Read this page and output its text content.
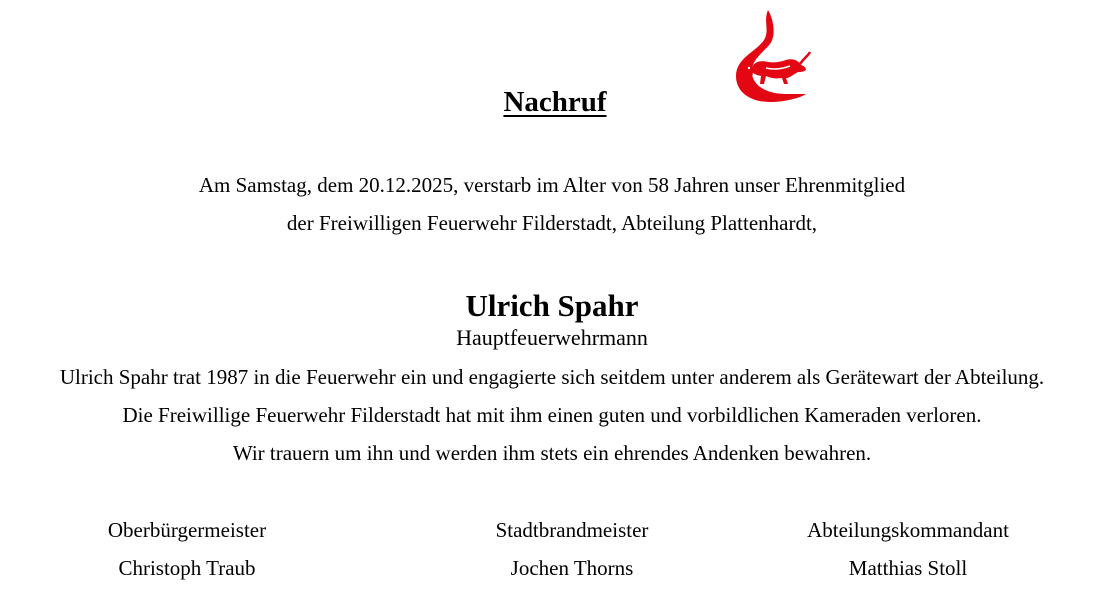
Nachruf
Am Samstag, dem 20.12.2025, verstarb im Alter von 58 Jahren unser Ehrenmitglied
der Freiwilligen Feuerwehr Filderstadt, Abteilung Plattenhardt,
Ulrich Spahr
Hauptfeuerwehrmann
Ulrich Spahr trat 1987 in die Feuerwehr ein und engagierte sich seitdem unter anderem als Gerätewart der Abteilung.
Die Freiwillige Feuerwehr Filderstadt hat mit ihm einen guten und vorbildlichen Kameraden verloren.
Wir trauern um ihn und werden ihm stets ein ehrendes Andenken bewahren.
Oberbürgermeister
Christoph Traub
Stadtbrandmeister
Jochen Thorns
Abteilungskommandant
Matthias Stoll
